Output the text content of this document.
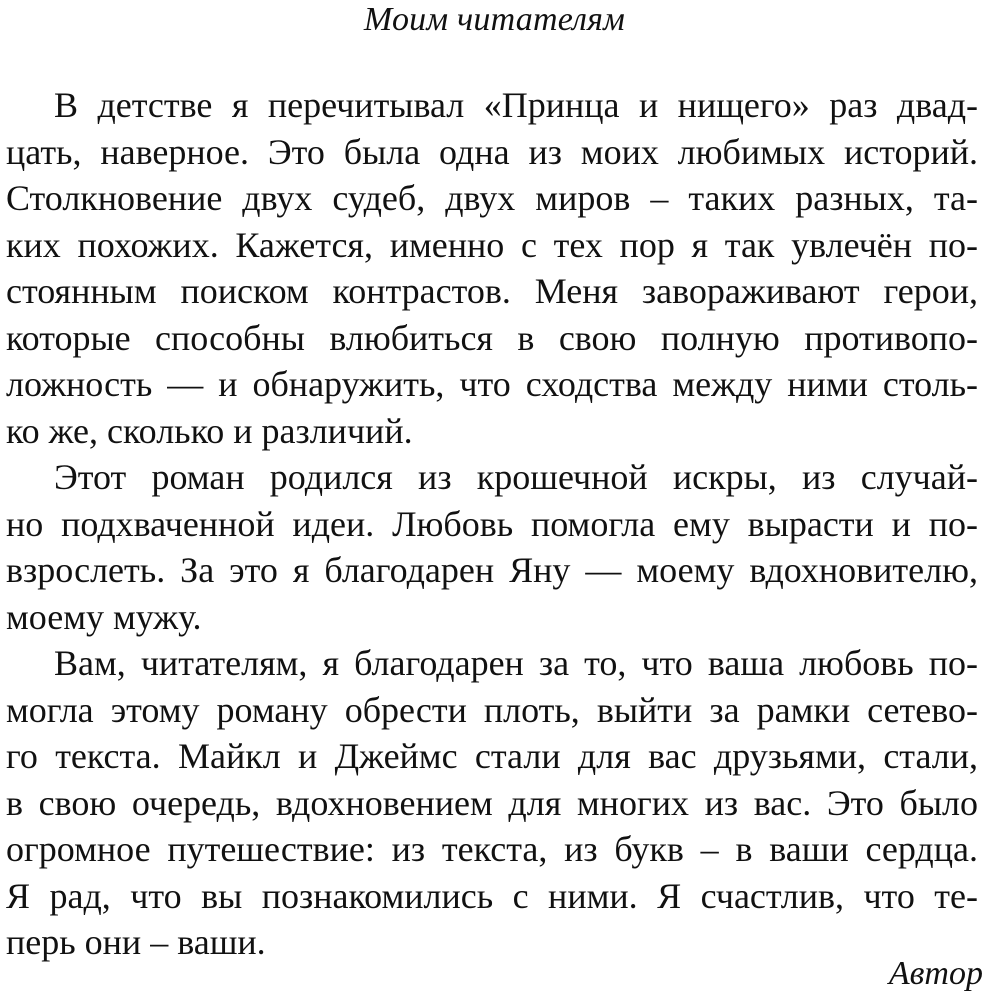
Моим читателям
В детстве я перечитывал «Принца и нищего» раз двад-
цать, наверное. Это была одна из моих любимых историй.
Столкновение двух судеб, двух миров – таких разных, та-
ких похожих. Кажется, именно с тех пор я так увлечён по-
стоянным поиском контрастов. Меня завораживают герои,
которые способны влюбиться в свою полную противопо-
ложность — и обнаружить, что сходства между ними столь-
ко же, сколько и различий.
Этот роман родился из крошечной искры, из случай-
но подхваченной идеи. Любовь помогла ему вырасти и по-
взрослеть. За это я благодарен Яну — моему вдохновителю,
моему мужу.
Вам, читателям, я благодарен за то, что ваша любовь по-
могла этому роману обрести плоть, выйти за рамки сетево-
го текста. Майкл и Джеймс стали для вас друзьями, стали,
в свою очередь, вдохновением для многих из вас. Это было
огромное путешествие: из текста, из букв – в ваши сердца.
Я рад, что вы познакомились с ними. Я счастлив, что те-
перь они – ваши.
Автор
